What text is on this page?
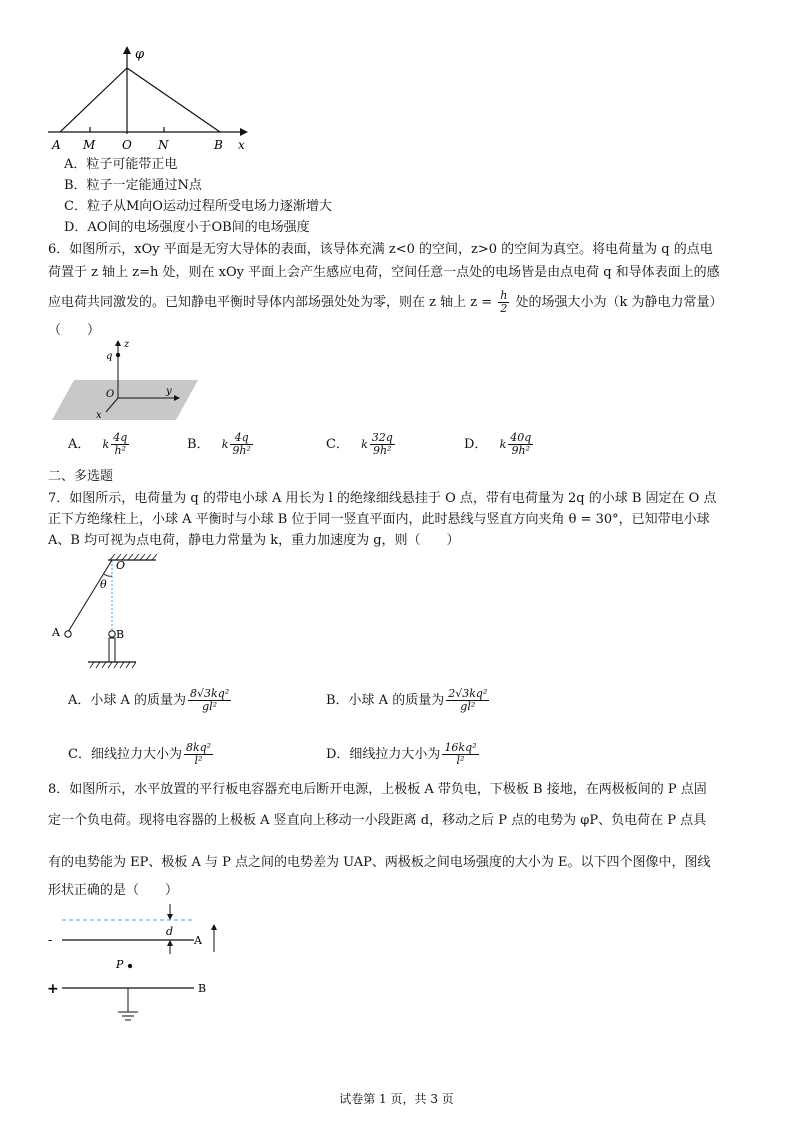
φ
A M O N	B x
A．粒子可能带正电
B．粒子一定能通过N点
C．粒子从M向O运动过程所受电场力逐渐增大
D．AO间的电场强度小于OB间的电场强度
6．如图所示，xOy 平面是无穷大导体的表面，该导体充满 z<0 的空间，z>0 的空间为真空。将电荷量为 q 的点电
荷置于 z 轴上 z=h 处，则在 xOy 平面上会产生感应电荷，空间任意一点处的电场皆是由点电荷 q 和导体表面上的感
应电荷共同激发的。已知静电平衡时导体内部场强处处为零，则在 z 轴上 $z = \frac{h}{2}$ 处的场强大小为（k 为静电力常量）
（　　）
z
q
O	y
x
A． k $\frac{4q}{\text{h²}}$	B． k $\frac{4q}{\text{9h²}}$	C． k $\frac{32q}{\text{9h²}}$	D． k $\frac{40q}{\text{9h²}}$
二、多选题
7．如图所示，电荷量为 q 的带电小球 A 用长为 l 的绝缘细线悬挂于 O 点，带有电荷量为 2q 的小球 B 固定在 O 点
正下方绝缘柱上，小球 A 平衡时与小球 B 位于同一竖直平面内，此时悬线与竖直方向夹角 θ = 30°，已知带电小球
A、B 均可视为点电荷，静电力常量为 k，重力加速度为 g，则（　　）
O
θ
A	B
A．小球 A 的质量为 $\frac{\text{8√3kq²}}{\text{gl²}}$	B．小球 A 的质量为 $\frac{\text{2√3kq²}}{\text{gl²}}$
C．细线拉力大小为 $\frac{\text{8kq²}}{\text{l²}}$	D．细线拉力大小为 $\frac{\text{16kq²}}{\text{l²}}$
8．如图所示，水平放置的平行板电容器充电后断开电源，上极板 A 带负电，下极板 B 接地，在两极板间的 P 点固
定一个负电荷。现将电容器的上极板 A 竖直向上移动一小段距离 d，移动之后 P 点的电势为 φP、负电荷在 P 点具
有的电势能为 EP、极板 A 与 P 点之间的电势差为 UAP、两极板之间电场强度的大小为 E。以下四个图像中，图线
形状正确的是（　　）
-
+
d
A
B
P
试卷第 1 页，共 3 页
